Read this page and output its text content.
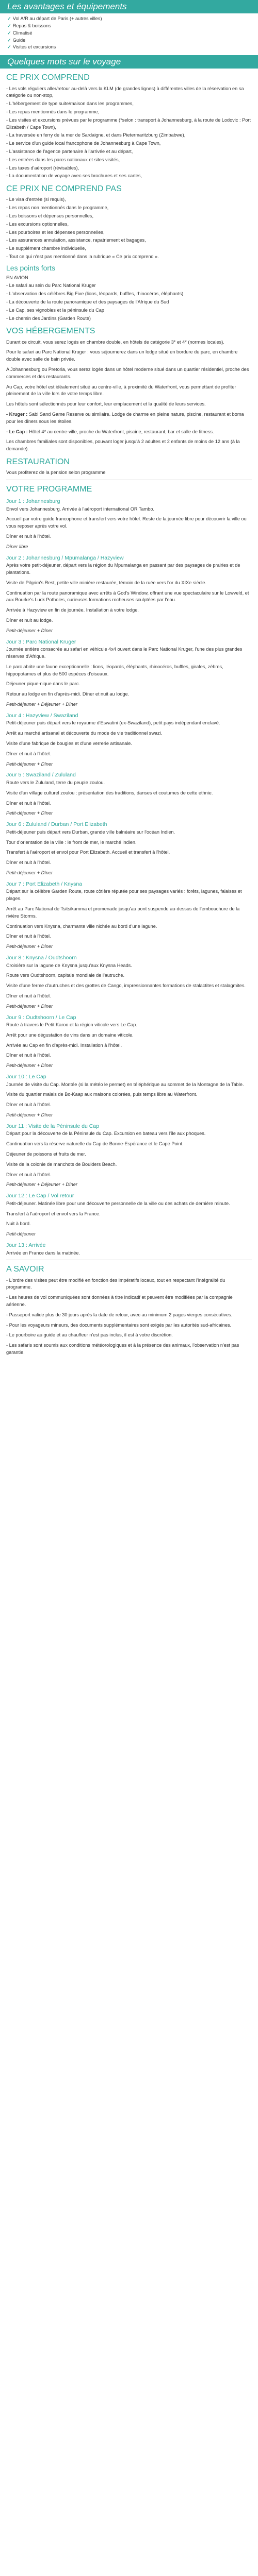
Les avantages et équipements
✓ Vol A/R au départ de Paris (+ autres villes)
✓ Repas & boissons
✓ Climatisé
✓ Guide
✓ Visites et excursions
Quelques mots sur le voyage
CE PRIX COMPREND

- Les vols réguliers aller/retour au-delà vers la KLM (de grandes lignes) à différentes villes de la réservation en sa catégorie ou non-stop,

- L'hébergement de type suite/maison dans les programmes,

- Les repas mentionnés dans le programme,

- Les visites et excursions prévues par le programme (*selon : transport à Johannesburg, à la route de Lodovic : Port Elizabeth / Cape Town),

- La traversée en ferry de la mer de Sardaigne, et dans Pietermaritzburg (Zimbabwe),

- Le service d'un guide local francophone de Johannesburg à Cape Town,

- L'assistance de l'agence partenaire à l'arrivée et au départ,

- Les entrées dans les parcs nationaux et sites visités,

- Les taxes d'aéroport (révisables),

- La documentation de voyage avec ses brochures et ses cartes,

CE PRIX NE COMPREND PAS

- Le visa d'entrée (si requis),

- Les repas non mentionnés dans le programme,

- Les boissons et dépenses personnelles,

- Les excursions optionnelles,

- Les pourboires et les dépenses personnelles,

- Les assurances annulation, assistance, rapatriement et bagages,

- Le supplément chambre individuelle,

- Tout ce qui n'est pas mentionné dans la rubrique « Ce prix comprend ».

Les points forts

EN AVION

- Le safari au sein du Parc National Kruger

- L'observation des célèbres Big Five (lions, léopards, buffles, rhinocéros, éléphants)

- La découverte de la route panoramique et des paysages de l'Afrique du Sud

- Le Cap, ses vignobles et la péninsule du Cap

- Le chemin des Jardins (Garden Route)

VOS HÉBERGEMENTS

Durant ce circuit, vous serez logés en chambre double, en hôtels de catégorie 3* et 4* (normes locales).

Pour le safari au Parc National Kruger : vous séjournerez dans un lodge situé en bordure du parc, en chambre double avec salle de bain privée.

A Johannesburg ou Pretoria, vous serez logés dans un hôtel moderne situé dans un quartier résidentiel, proche des commerces et des restaurants.

Au Cap, votre hôtel est idéalement situé au centre-ville, à proximité du Waterfront, vous permettant de profiter pleinement de la ville lors de votre temps libre.

Les hôtels sont sélectionnés pour leur confort, leur emplacement et la qualité de leurs services.

- Kruger : Sabi Sand Game Reserve ou similaire. Lodge de charme en pleine nature, piscine, restaurant et boma pour les dîners sous les étoiles.

- Le Cap : Hôtel 4* au centre-ville, proche du Waterfront, piscine, restaurant, bar et salle de fitness.

Les chambres familiales sont disponibles, pouvant loger jusqu'à 2 adultes et 2 enfants de moins de 12 ans (à la demande).

RESTAURATION

Vous profiterez de la pension selon programme

VOTRE PROGRAMME
Jour 1 : Johannesburg

Envol vers Johannesburg. Arrivée à l'aéroport international OR Tambo.

Accueil par votre guide francophone et transfert vers votre hôtel. Reste de la journée libre pour découvrir la ville ou vous reposer après votre vol.

Dîner et nuit à l'hôtel.

Dîner libre

Jour 2 : Johannesburg / Mpumalanga / Hazyview

Après votre petit-déjeuner, départ vers la région du Mpumalanga en passant par des paysages de prairies et de plantations.

Visite de Pilgrim's Rest, petite ville minière restaurée, témoin de la ruée vers l'or du XIXe siècle.

Continuation par la route panoramique avec arrêts à God's Window, offrant une vue spectaculaire sur le Lowveld, et aux Bourke's Luck Potholes, curieuses formations rocheuses sculptées par l'eau.

Arrivée à Hazyview en fin de journée. Installation à votre lodge.

Dîner et nuit au lodge.

Petit-déjeuner + Dîner

Jour 3 : Parc National Kruger

Journée entière consacrée au safari en véhicule 4x4 ouvert dans le Parc National Kruger, l'une des plus grandes réserves d'Afrique.

Le parc abrite une faune exceptionnelle : lions, léopards, éléphants, rhinocéros, buffles, girafes, zèbres, hippopotames et plus de 500 espèces d'oiseaux.

Déjeuner pique-nique dans le parc.

Retour au lodge en fin d'après-midi. Dîner et nuit au lodge.

Petit-déjeuner + Déjeuner + Dîner

Jour 4 : Hazyview / Swaziland

Petit-déjeuner puis départ vers le royaume d'Eswatini (ex-Swaziland), petit pays indépendant enclavé.

Arrêt au marché artisanal et découverte du mode de vie traditionnel swazi.

Visite d'une fabrique de bougies et d'une verrerie artisanale.

Dîner et nuit à l'hôtel.

Petit-déjeuner + Dîner

Jour 5 : Swaziland / Zululand

Route vers le Zululand, terre du peuple zoulou.

Visite d'un village culturel zoulou : présentation des traditions, danses et coutumes de cette ethnie.

Dîner et nuit à l'hôtel.

Petit-déjeuner + Dîner

Jour 6 : Zululand / Durban / Port Elizabeth

Petit-déjeuner puis départ vers Durban, grande ville balnéaire sur l'océan Indien.

Tour d'orientation de la ville : le front de mer, le marché indien.

Transfert à l'aéroport et envol pour Port Elizabeth. Accueil et transfert à l'hôtel.

Dîner et nuit à l'hôtel.

Petit-déjeuner + Dîner

Jour 7 : Port Elizabeth / Knysna

Départ sur la célèbre Garden Route, route côtière réputée pour ses paysages variés : forêts, lagunes, falaises et plages.

Arrêt au Parc National de Tsitsikamma et promenade jusqu'au pont suspendu au-dessus de l'embouchure de la rivière Storms.

Continuation vers Knysna, charmante ville nichée au bord d'une lagune.

Dîner et nuit à l'hôtel.

Petit-déjeuner + Dîner

Jour 8 : Knysna / Oudtshoorn

Croisière sur la lagune de Knysna jusqu'aux Knysna Heads.

Route vers Oudtshoorn, capitale mondiale de l'autruche.

Visite d'une ferme d'autruches et des grottes de Cango, impressionnantes formations de stalactites et stalagmites.

Dîner et nuit à l'hôtel.

Petit-déjeuner + Dîner

Jour 9 : Oudtshoorn / Le Cap

Route à travers le Petit Karoo et la région viticole vers Le Cap.

Arrêt pour une dégustation de vins dans un domaine viticole.

Arrivée au Cap en fin d'après-midi. Installation à l'hôtel.

Dîner et nuit à l'hôtel.

Petit-déjeuner + Dîner

Jour 10 : Le Cap

Journée de visite du Cap. Montée (si la météo le permet) en téléphérique au sommet de la Montagne de la Table.

Visite du quartier malais de Bo-Kaap aux maisons colorées, puis temps libre au Waterfront.

Dîner et nuit à l'hôtel.

Petit-déjeuner + Dîner

Jour 11 : Visite de la Péninsule du Cap

Départ pour la découverte de la Péninsule du Cap. Excursion en bateau vers l'île aux phoques.

Continuation vers la réserve naturelle du Cap de Bonne-Espérance et le Cape Point.

Déjeuner de poissons et fruits de mer.

Visite de la colonie de manchots de Boulders Beach.

Dîner et nuit à l'hôtel.

Petit-déjeuner + Déjeuner + Dîner

Jour 12 : Le Cap / Vol retour

Petit-déjeuner. Matinée libre pour une découverte personnelle de la ville ou des achats de dernière minute.

Transfert à l'aéroport et envol vers la France.

Nuit à bord.

Petit-déjeuner

Jour 13 : Arrivée

Arrivée en France dans la matinée.

A SAVOIR

- L'ordre des visites peut être modifié en fonction des impératifs locaux, tout en respectant l'intégralité du programme.

- Les heures de vol communiquées sont données à titre indicatif et peuvent être modifiées par la compagnie aérienne.

- Passeport valide plus de 30 jours après la date de retour, avec au minimum 2 pages vierges consécutives.

- Pour les voyageurs mineurs, des documents supplémentaires sont exigés par les autorités sud-africaines.

- Le pourboire au guide et au chauffeur n'est pas inclus, il est à votre discrétion.

- Les safaris sont soumis aux conditions météorologiques et à la présence des animaux, l'observation n'est pas garantie.
